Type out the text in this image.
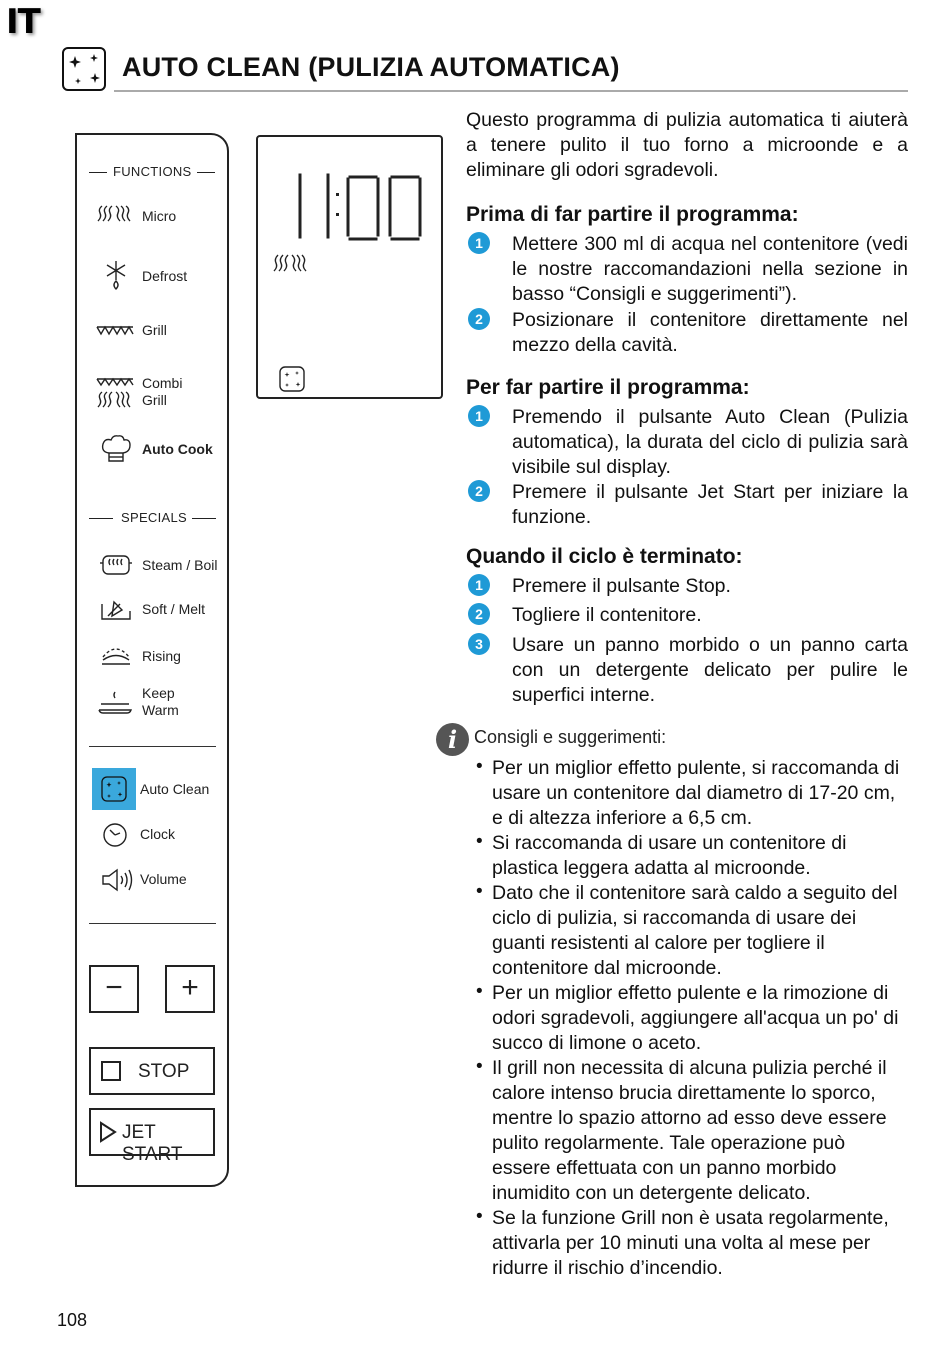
IT
AUTO CLEAN (PULIZIA AUTOMATICA)
FUNCTIONS
Micro
Defrost
Grill
Combi
Grill
Auto Cook
SPECIALS
Steam / Boil
Soft / Melt
Rising
Keep
Warm
Auto Clean
Clock
Volume
−	+
STOP
JET START
Questo programma di pulizia automatica ti aiuterà a tenere pulito il tuo forno a microonde e a eliminare gli odori sgradevoli.
Prima di far partire il programma:
1	Mettere 300 ml di acqua nel contenitore (vedi le nostre raccomandazioni nella sezione in basso “Consigli e suggerimenti”).
2	Posizionare il contenitore direttamente nel mezzo della cavità.
Per far partire il programma:
1	Premendo il pulsante Auto Clean (Pulizia automatica), la durata del ciclo di pulizia sarà visibile sul display.
2	Premere il pulsante Jet Start per iniziare la funzione.
Quando il ciclo è terminato:
1	Premere il pulsante Stop.
2	Togliere il contenitore.
3	Usare un panno morbido o un panno carta con un detergente delicato per pulire le superfici interne.
i Consigli e suggerimenti:
• Per un miglior effetto pulente, si raccomanda di usare un contenitore dal diametro di 17-20 cm, e di altezza inferiore a 6,5 cm.
• Si raccomanda di usare un contenitore di plastica leggera adatta al microonde.
• Dato che il contenitore sarà caldo a seguito del ciclo di pulizia, si raccomanda di usare dei guanti resistenti al calore per togliere il contenitore dal microonde.
• Per un miglior effetto pulente e la rimozione di odori sgradevoli, aggiungere all'acqua un po' di succo di limone o aceto.
• Il grill non necessita di alcuna pulizia perché il calore intenso brucia direttamente lo sporco, mentre lo spazio attorno ad esso deve essere pulito regolarmente. Tale operazione può essere effettuata con un panno morbido inumidito con un detergente delicato.
• Se la funzione Grill non è usata regolarmente, attivarla per 10 minuti una volta al mese per ridurre il rischio d’incendio.
108
